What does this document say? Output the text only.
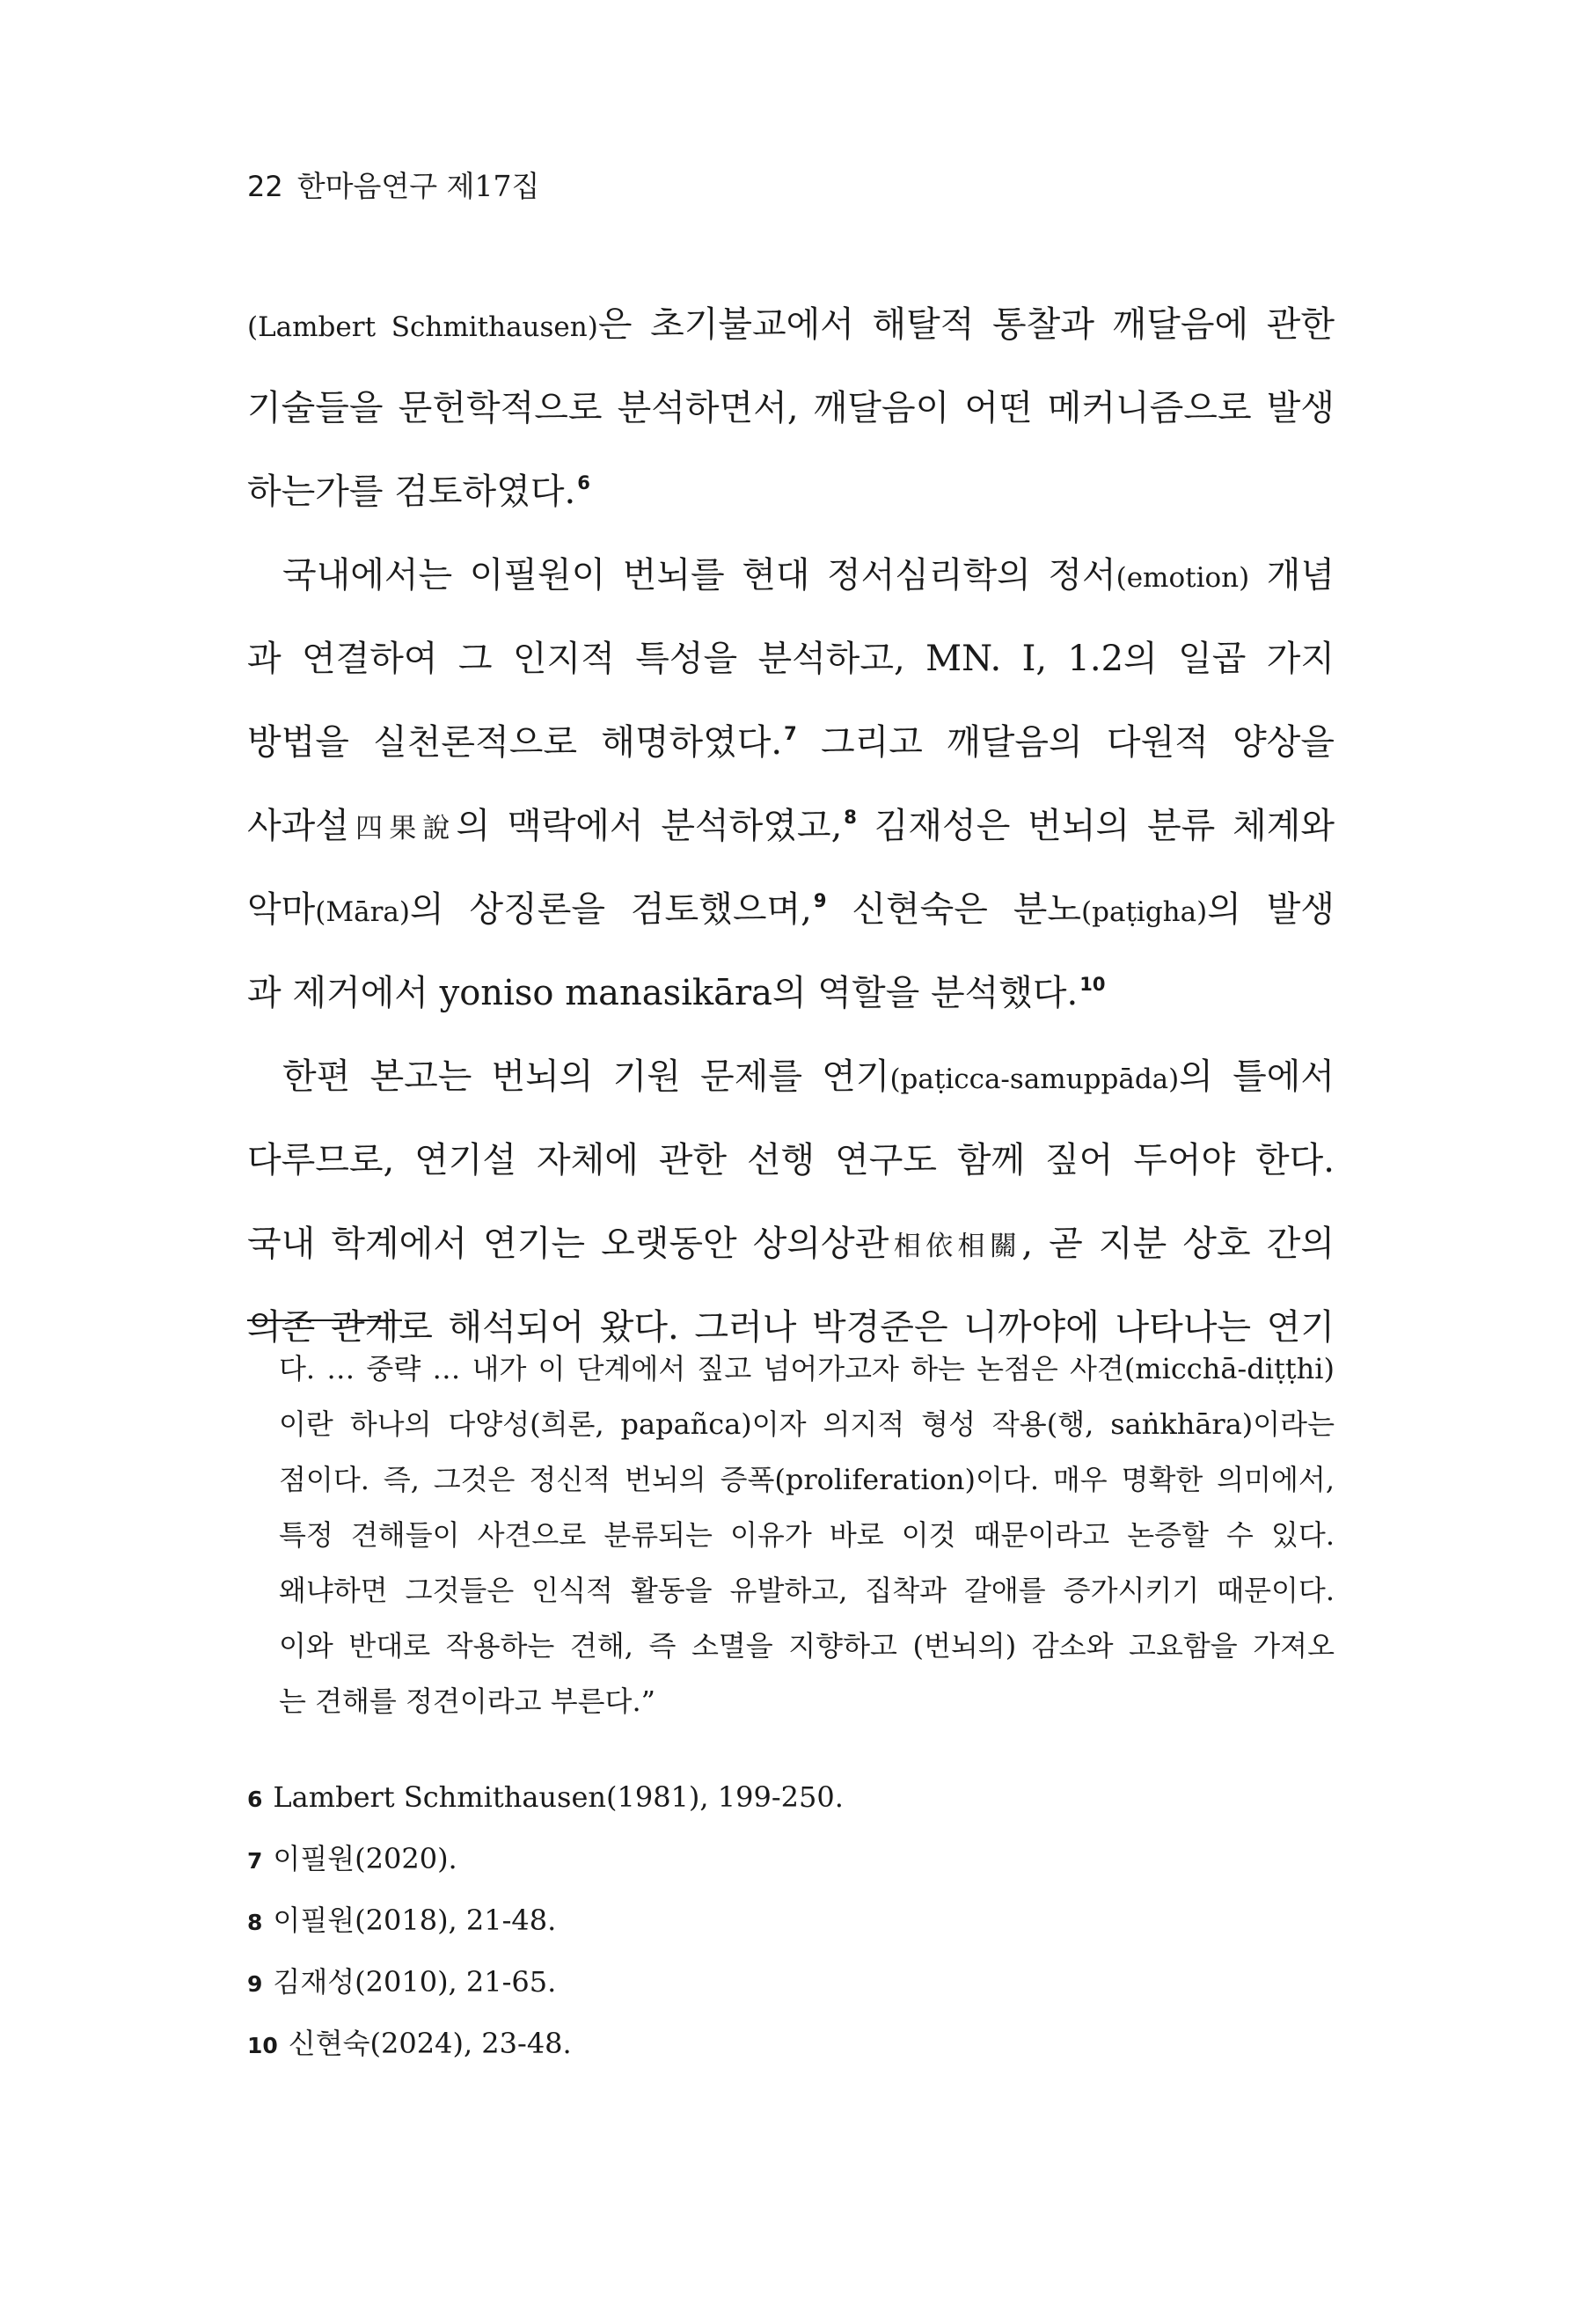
22 한마음연구 제17집
(Lambert Schmithausen)은 초기불교에서 해탈적 통찰과 깨달음에 관한
기술들을 문헌학적으로 분석하면서, 깨달음이 어떤 메커니즘으로 발생
하는가를 검토하였다.$^6$
국내에서는 이필원이 번뇌를 현대 정서심리학의 정서(emotion) 개념
과 연결하여 그 인지적 특성을 분석하고, MN. I, 1.2의 일곱 가지
방법을 실천론적으로 해명하였다.$^7$ 그리고 깨달음의 다원적 양상을
사과설四果說의 맥락에서 분석하였고,$^8$ 김재성은 번뇌의 분류 체계와
악마(Māra)의 상징론을 검토했으며,$^9$ 신현숙은 분노(paṭigha)의 발생
과 제거에서 yoniso manasikāra의 역할을 분석했다.$^{10}$
한편 본고는 번뇌의 기원 문제를 연기(paṭicca-samuppāda)의 틀에서
다루므로, 연기설 자체에 관한 선행 연구도 함께 짚어 두어야 한다.
국내 학계에서 연기는 오랫동안 상의상관相依相關, 곧 지분 상호 간의
의존 관계로 해석되어 왔다. 그러나 박경준은 니까야에 나타나는 연기
다. … 중략 … 내가 이 단계에서 짚고 넘어가고자 하는 논점은 사견(micchā-diṭṭhi)
이란 하나의 다양성(희론, papañca)이자 의지적 형성 작용(행, saṅkhāra)이라는
점이다. 즉, 그것은 정신적 번뇌의 증폭(proliferation)이다. 매우 명확한 의미에서,
특정 견해들이 사견으로 분류되는 이유가 바로 이것 때문이라고 논증할 수 있다.
왜냐하면 그것들은 인식적 활동을 유발하고, 집착과 갈애를 증가시키기 때문이다.
이와 반대로 작용하는 견해, 즉 소멸을 지향하고 (번뇌의) 감소와 고요함을 가져오
는 견해를 정견이라고 부른다.”
6 Lambert Schmithausen(1981), 199-250.
7 이필원(2020).
8 이필원(2018), 21-48.
9 김재성(2010), 21-65.
10 신현숙(2024), 23-48.
